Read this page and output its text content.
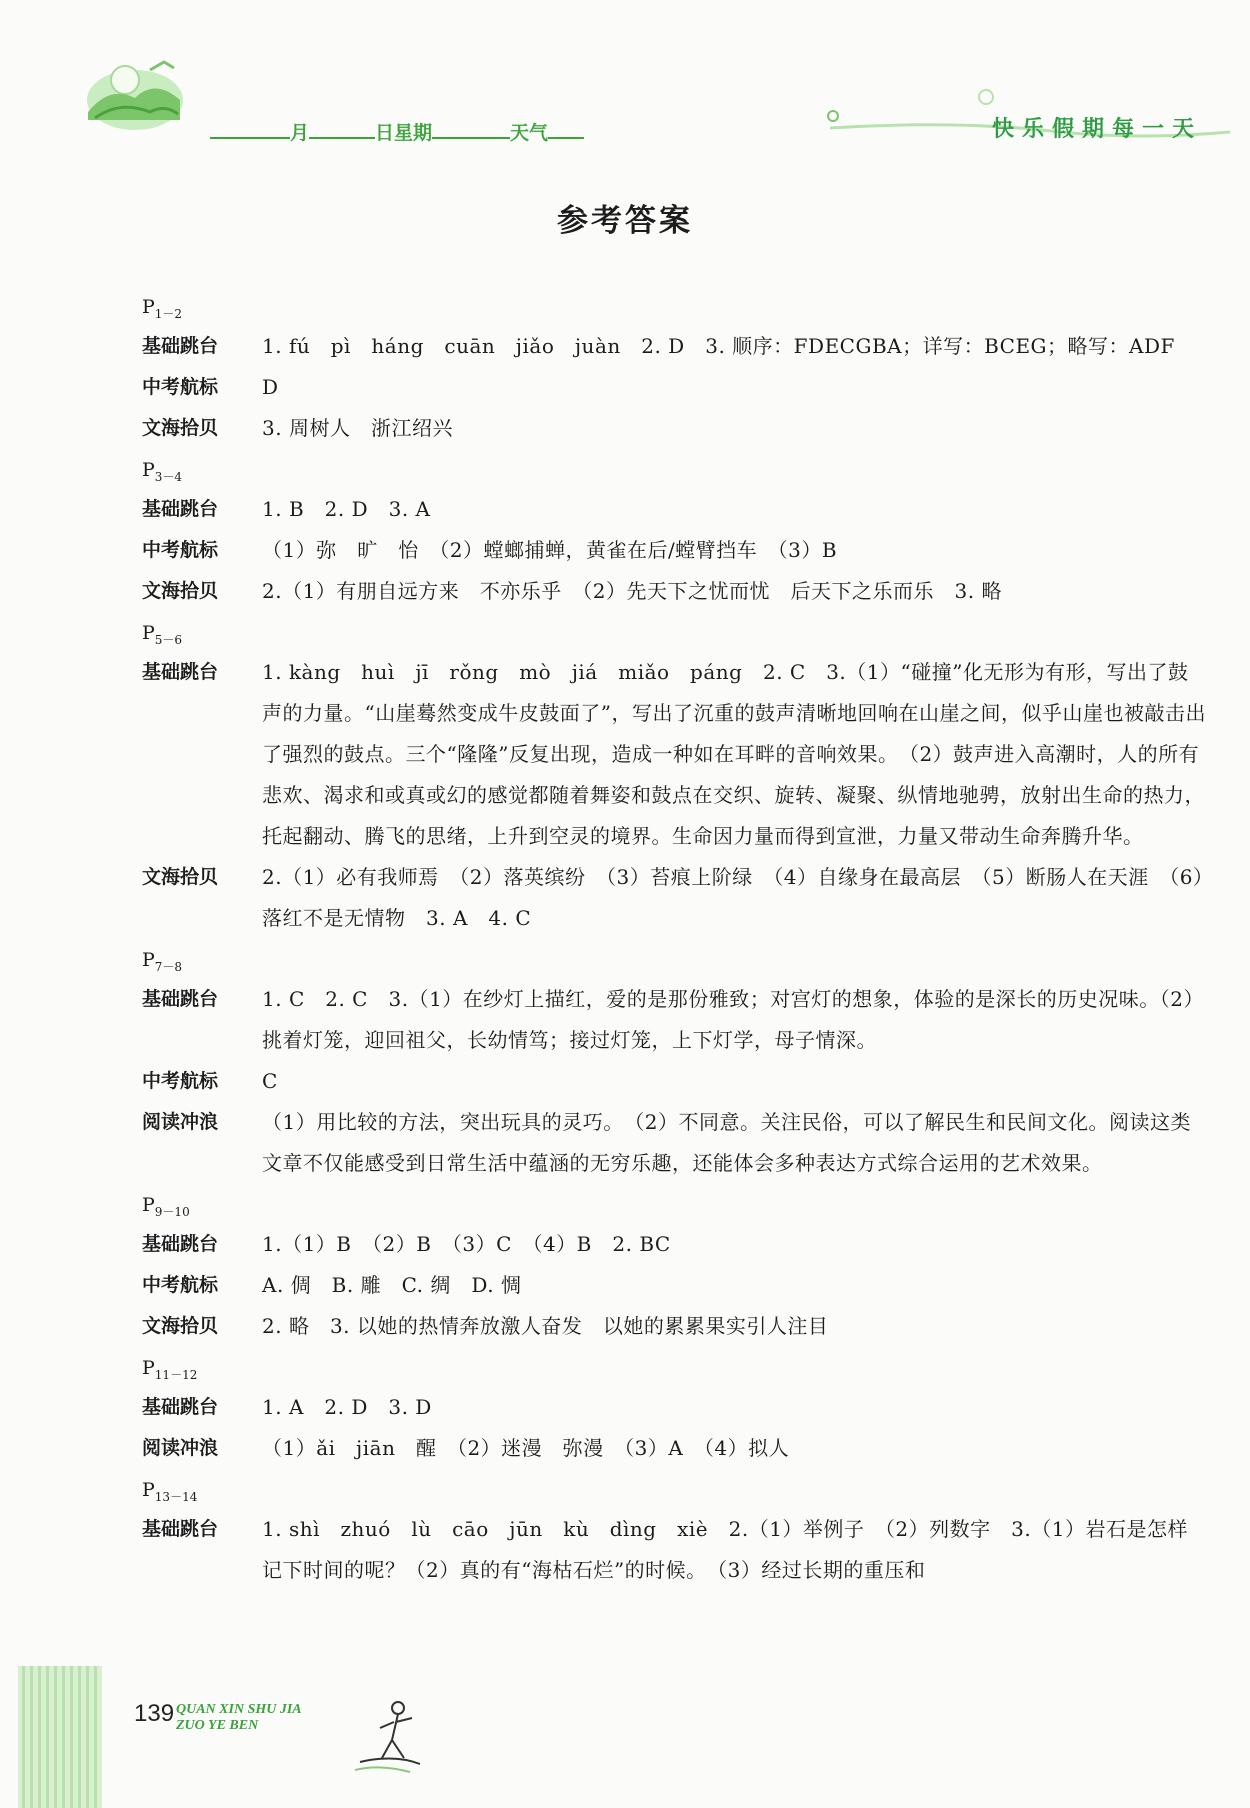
月	日星期	天气	快乐假期每一天
参考答案
$P_{1-2}$
基础跳台	1. fú　pì　háng　cuān　jiǎo　juàn　2. D　3. 顺序：FDECGBA；详写：BCEG；略写：ADF
中考航标	D
文海拾贝	3. 周树人　浙江绍兴
$P_{3-4}$
基础跳台	1. B　2. D　3. A
中考航标	（1）弥　旷　怡　（2）螳螂捕蝉，黄雀在后/螳臂挡车　（3）B
文海拾贝	2.（1）有朋自远方来　不亦乐乎　（2）先天下之忧而忧　后天下之乐而乐　3. 略
$P_{5-6}$
基础跳台	1. kàng　huì　jī　rǒng　mò　jiá　miǎo　páng　2. C　3.（1）“碰撞”化无形为有形，写出了鼓声的力量。“山崖蓦然变成牛皮鼓面了”，写出了沉重的鼓声清晰地回响在山崖之间，似乎山崖也被敲击出了强烈的鼓点。三个“隆隆”反复出现，造成一种如在耳畔的音响效果。　（2）鼓声进入高潮时，人的所有悲欢、渴求和或真或幻的感觉都随着舞姿和鼓点在交织、旋转、凝聚、纵情地驰骋，放射出生命的热力，托起翻动、腾飞的思绪，上升到空灵的境界。生命因力量而得到宣泄，力量又带动生命奔腾升华。
文海拾贝	2.（1）必有我师焉　（2）落英缤纷　（3）苔痕上阶绿　（4）自缘身在最高层　（5）断肠人在天涯　（6）落红不是无情物　3. A　4. C
$P_{7-8}$
基础跳台	1. C　2. C　3.（1）在纱灯上描红，爱的是那份雅致；对宫灯的想象，体验的是深长的历史况味。（2）挑着灯笼，迎回祖父，长幼情笃；接过灯笼，上下灯学，母子情深。
中考航标	C
阅读冲浪	（1）用比较的方法，突出玩具的灵巧。　（2）不同意。关注民俗，可以了解民生和民间文化。阅读这类文章不仅能感受到日常生活中蕴涵的无穷乐趣，还能体会多种表达方式综合运用的艺术效果。
$P_{9-10}$
基础跳台	1.（1）B　（2）B　（3）C　（4）B　2. BC
中考航标	A. 倜　B. 雕　C. 绸　D. 惆
文海拾贝	2. 略　3. 以她的热情奔放激人奋发　以她的累累果实引人注目
$P_{11-12}$
基础跳台	1. A　2. D　3. D
阅读冲浪	（1）ǎi　jiān　醒　（2）迷漫　弥漫　（3）A　（4）拟人
$P_{13-14}$
基础跳台	1. shì　zhuó　lù　cāo　jūn　kù　dìng　xiè　2.（1）举例子　（2）列数字　3.（1）岩石是怎样记下时间的呢？（2）真的有“海枯石烂”的时候。　（3）经过长期的重压和
139 QUAN XIN SHU JIA
ZUO YE BEN
